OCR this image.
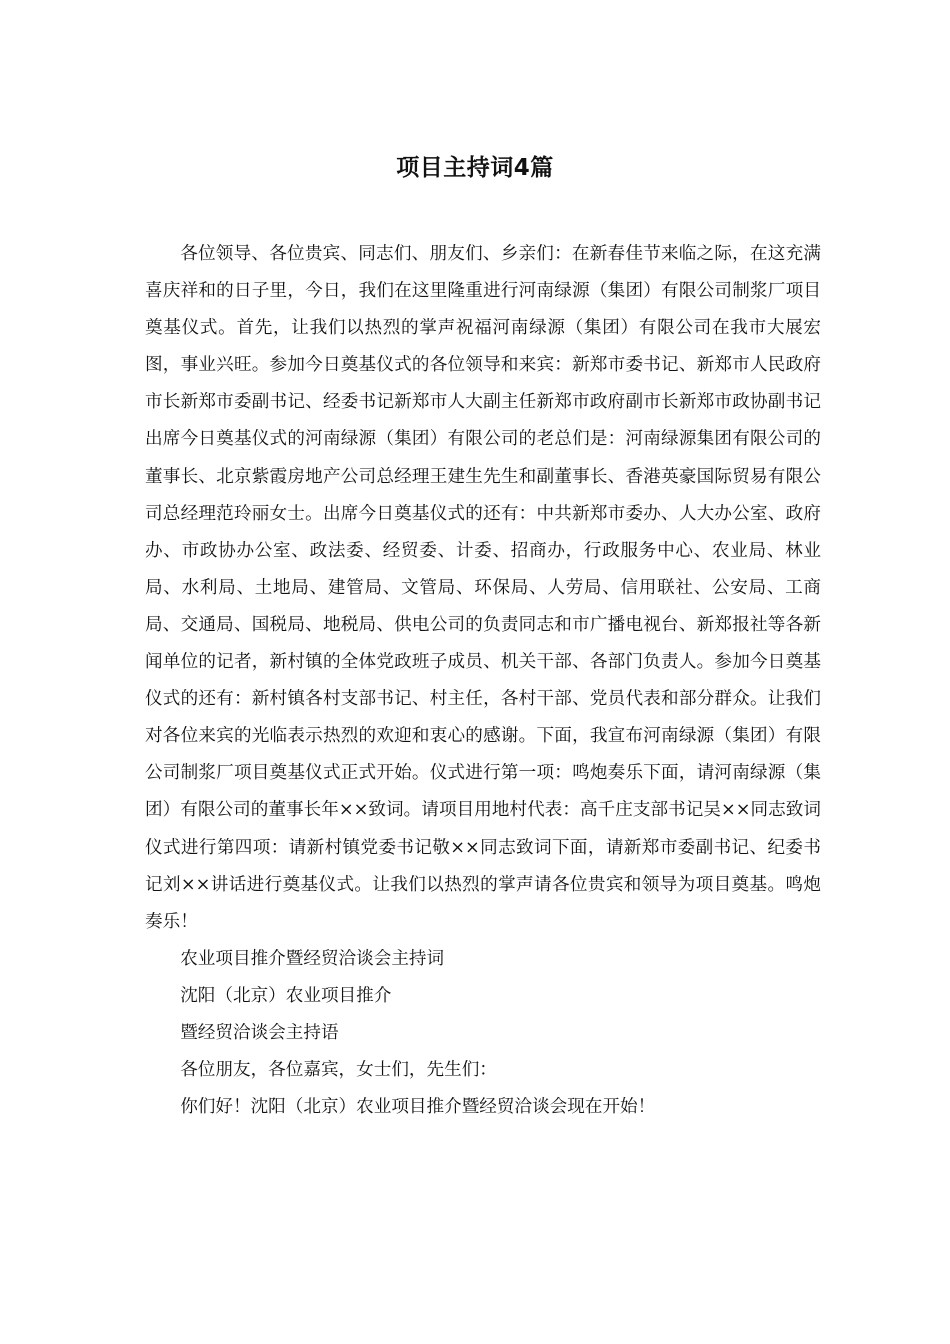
项目主持词4篇

各位领导、各位贵宾、同志们、朋友们、乡亲们：在新春佳节来临之际，在这充满喜庆祥和的日子里，今日，我们在这里隆重进行河南绿源（集团）有限公司制浆厂项目奠基仪式。首先，让我们以热烈的掌声祝福河南绿源（集团）有限公司在我市大展宏图，事业兴旺。参加今日奠基仪式的各位领导和来宾：新郑市委书记、新郑市人民政府市长新郑市委副书记、经委书记新郑市人大副主任新郑市政府副市长新郑市政协副书记出席今日奠基仪式的河南绿源（集团）有限公司的老总们是：河南绿源集团有限公司的董事长、北京紫霞房地产公司总经理王建生先生和副董事长、香港英豪国际贸易有限公司总经理范玲丽女士。出席今日奠基仪式的还有：中共新郑市委办、人大办公室、政府办、市政协办公室、政法委、经贸委、计委、招商办，行政服务中心、农业局、林业局、水利局、土地局、建管局、文管局、环保局、人劳局、信用联社、公安局、工商局、交通局、国税局、地税局、供电公司的负责同志和市广播电视台、新郑报社等各新闻单位的记者，新村镇的全体党政班子成员、机关干部、各部门负责人。参加今日奠基仪式的还有：新村镇各村支部书记、村主任，各村干部、党员代表和部分群众。让我们对各位来宾的光临表示热烈的欢迎和衷心的感谢。下面，我宣布河南绿源（集团）有限公司制浆厂项目奠基仪式正式开始。仪式进行第一项：鸣炮奏乐下面，请河南绿源（集团）有限公司的董事长年××致词。请项目用地村代表：高千庄支部书记吴××同志致词仪式进行第四项：请新村镇党委书记敬××同志致词下面，请新郑市委副书记、纪委书记刘××讲话进行奠基仪式。让我们以热烈的掌声请各位贵宾和领导为项目奠基。鸣炮奏乐！

农业项目推介暨经贸洽谈会主持词

沈阳（北京）农业项目推介

暨经贸洽谈会主持语

各位朋友，各位嘉宾，女士们，先生们：

你们好！沈阳（北京）农业项目推介暨经贸洽谈会现在开始！
